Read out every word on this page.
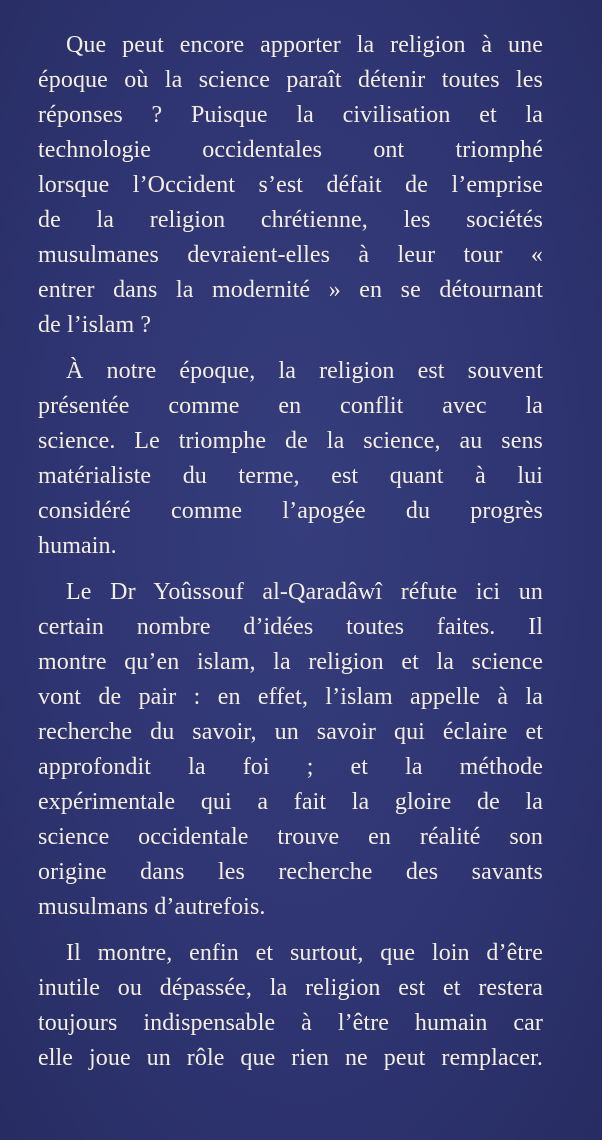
Que peut encore apporter la religion à une
époque où la science paraît détenir toutes les
réponses ? Puisque la civilisation et la
technologie occidentales ont triomphé
lorsque l’Occident s’est défait de l’emprise
de la religion chrétienne, les sociétés
musulmanes devraient-elles à leur tour «
entrer dans la modernité » en se détournant
de l’islam ?
À notre époque, la religion est souvent
présentée comme en conflit avec la
science. Le triomphe de la science, au sens
matérialiste du terme, est quant à lui
considéré comme l’apogée du progrès
humain.
Le Dr Yoûssouf al-Qaradâwî réfute ici un
certain nombre d’idées toutes faites. Il
montre qu’en islam, la religion et la science
vont de pair : en effet, l’islam appelle à la
recherche du savoir, un savoir qui éclaire et
approfondit la foi ; et la méthode
expérimentale qui a fait la gloire de la
science occidentale trouve en réalité son
origine dans les recherche des savants
musulmans d’autrefois.
Il montre, enfin et surtout, que loin d’être
inutile ou dépassée, la religion est et restera
toujours indispensable à l’être humain car
elle joue un rôle que rien ne peut remplacer.
